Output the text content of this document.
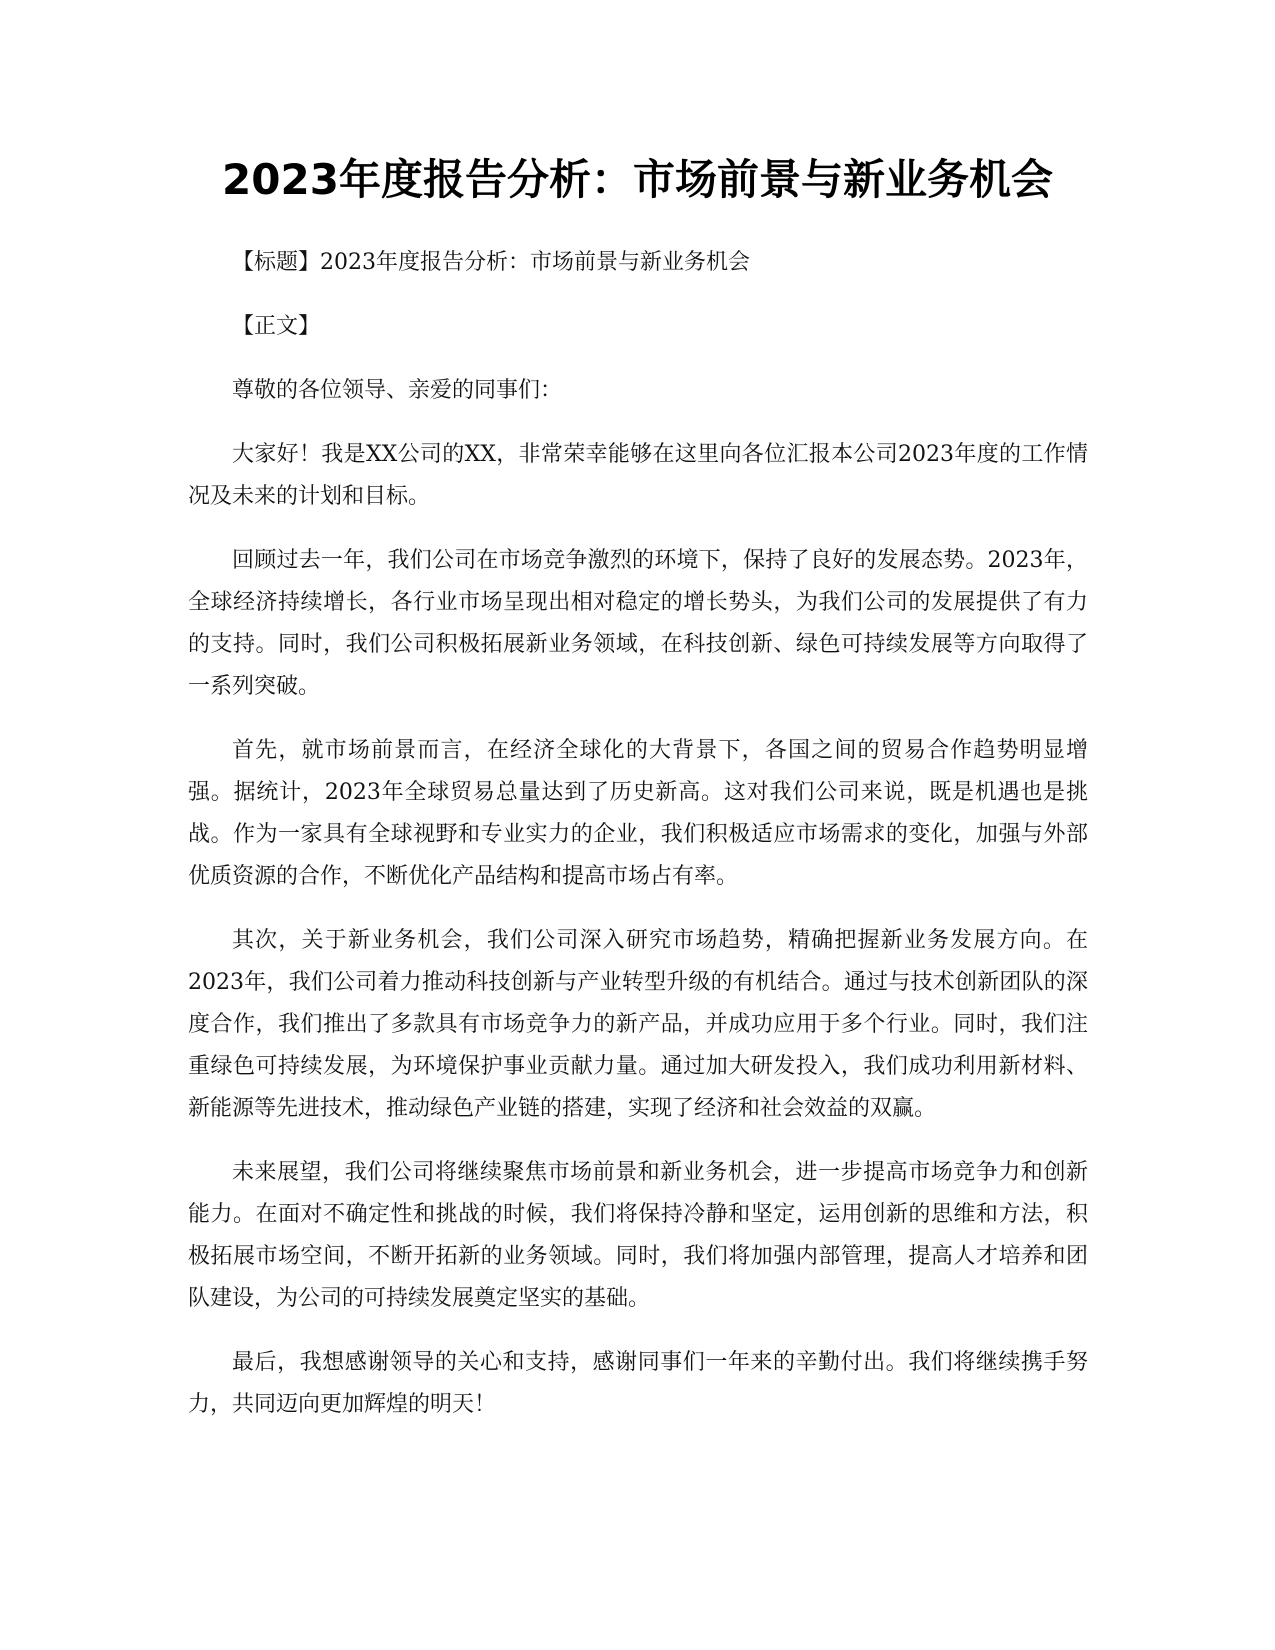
2023年度报告分析：市场前景与新业务机会

【标题】2023年度报告分析：市场前景与新业务机会

【正文】

尊敬的各位领导、亲爱的同事们：

大家好！我是XX公司的XX，非常荣幸能够在这里向各位汇报本公司2023年度的工作情况及未来的计划和目标。

回顾过去一年，我们公司在市场竞争激烈的环境下，保持了良好的发展态势。2023年，全球经济持续增长，各行业市场呈现出相对稳定的增长势头，为我们公司的发展提供了有力的支持。同时，我们公司积极拓展新业务领域，在科技创新、绿色可持续发展等方向取得了一系列突破。

首先，就市场前景而言，在经济全球化的大背景下，各国之间的贸易合作趋势明显增强。据统计，2023年全球贸易总量达到了历史新高。这对我们公司来说，既是机遇也是挑战。作为一家具有全球视野和专业实力的企业，我们积极适应市场需求的变化，加强与外部优质资源的合作，不断优化产品结构和提高市场占有率。

其次，关于新业务机会，我们公司深入研究市场趋势，精确把握新业务发展方向。在2023年，我们公司着力推动科技创新与产业转型升级的有机结合。通过与技术创新团队的深度合作，我们推出了多款具有市场竞争力的新产品，并成功应用于多个行业。同时，我们注重绿色可持续发展，为环境保护事业贡献力量。通过加大研发投入，我们成功利用新材料、新能源等先进技术，推动绿色产业链的搭建，实现了经济和社会效益的双赢。

未来展望，我们公司将继续聚焦市场前景和新业务机会，进一步提高市场竞争力和创新能力。在面对不确定性和挑战的时候，我们将保持冷静和坚定，运用创新的思维和方法，积极拓展市场空间，不断开拓新的业务领域。同时，我们将加强内部管理，提高人才培养和团队建设，为公司的可持续发展奠定坚实的基础。

最后，我想感谢领导的关心和支持，感谢同事们一年来的辛勤付出。我们将继续携手努力，共同迈向更加辉煌的明天！
